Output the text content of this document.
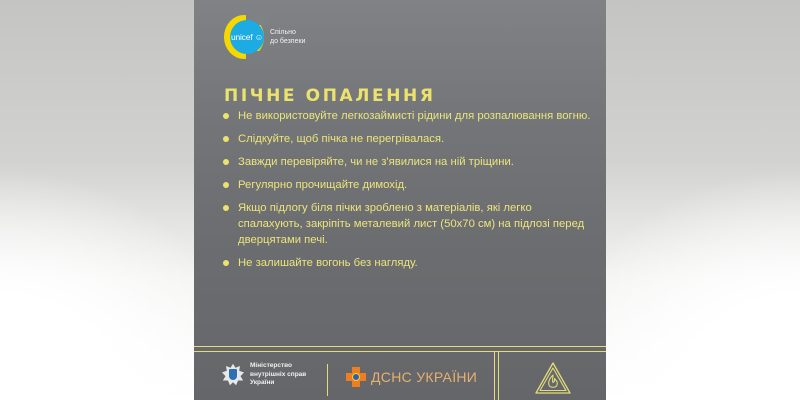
unicef ☺ Спільно
до безпеки
ПІЧНЕ ОПАЛЕННЯ
Не використовуйте легкозаймисті рідини для розпалювання вогню.
Слідкуйте, щоб пічка не перегрівалася.
Завжди перевіряйте, чи не з'явилися на ній тріщини.
Регулярно прочищайте димохід.
Якщо підлогу біля пічки зроблено з матеріалів, які легко спалахують, закріпіть металевий лист (50х70 см) на підлозі перед дверцятами печі.
Не залишайте вогонь без нагляду.
Міністерство
внутрішніх справ
України	ДСНС УКРАЇНИ
